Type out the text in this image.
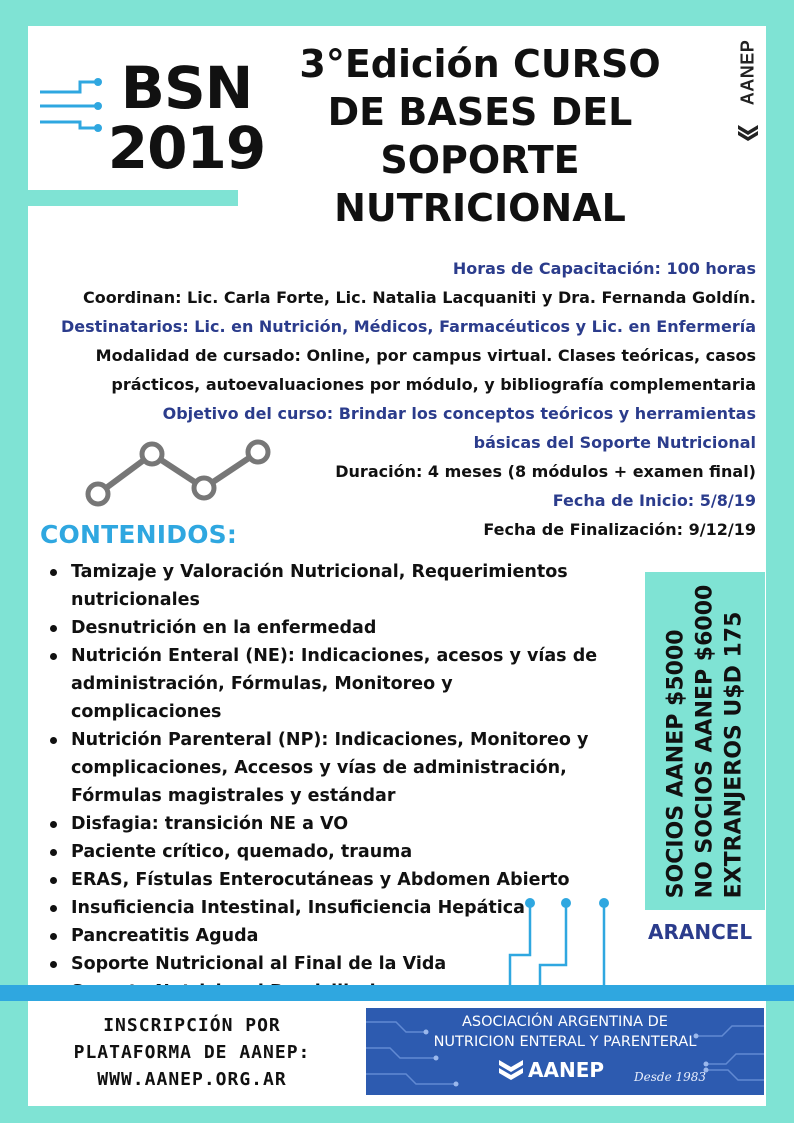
BSN
2019
3°Edición CURSO
DE BASES DEL
SOPORTE
NUTRICIONAL
AANEP

Horas de Capacitación: 100 horas

Coordinan: Lic. Carla Forte, Lic. Natalia Lacquaniti y Dra. Fernanda Goldín.

Destinatarios: Lic. en Nutrición, Médicos, Farmacéuticos y Lic. en Enfermería

Modalidad de cursado: Online, por campus virtual. Clases teóricas, casos

prácticos, autoevaluaciones por módulo, y bibliografía complementaria

Objetivo del curso: Brindar los conceptos teóricos y herramientas

básicas del Soporte Nutricional

Duración: 4 meses (8 módulos + examen final)

Fecha de Inicio: 5/8/19

Fecha de Finalización: 9/12/19

CONTENIDOS:
Tamizaje y Valoración Nutricional, Requerimientos nutricionales
Desnutrición en la enfermedad
Nutrición Enteral (NE): Indicaciones, acesos y vías de administración, Fórmulas, Monitoreo y complicaciones
Nutrición Parenteral (NP): Indicaciones, Monitoreo y complicaciones, Accesos y vías de administración, Fórmulas magistrales y estándar
Disfagia: transición NE a VO
Paciente crítico, quemado, trauma
ERAS, Fístulas Enterocutáneas y Abdomen Abierto
Insuficiencia Intestinal, Insuficiencia Hepática
Pancreatitis Aguda
Soporte Nutricional al Final de la Vida
SOCIOS AANEP $5000 NO SOCIOS AANEP $6000 EXTRANJEROS U$D 175
ARANCEL
INSCRIPCIÓN POR
PLATAFORMA DE AANEP:
WWW.AANEP.ORG.AR
ASOCIACIÓN ARGENTINA DE
NUTRICION ENTERAL Y PARENTERAL
AANEP Desde 1983
